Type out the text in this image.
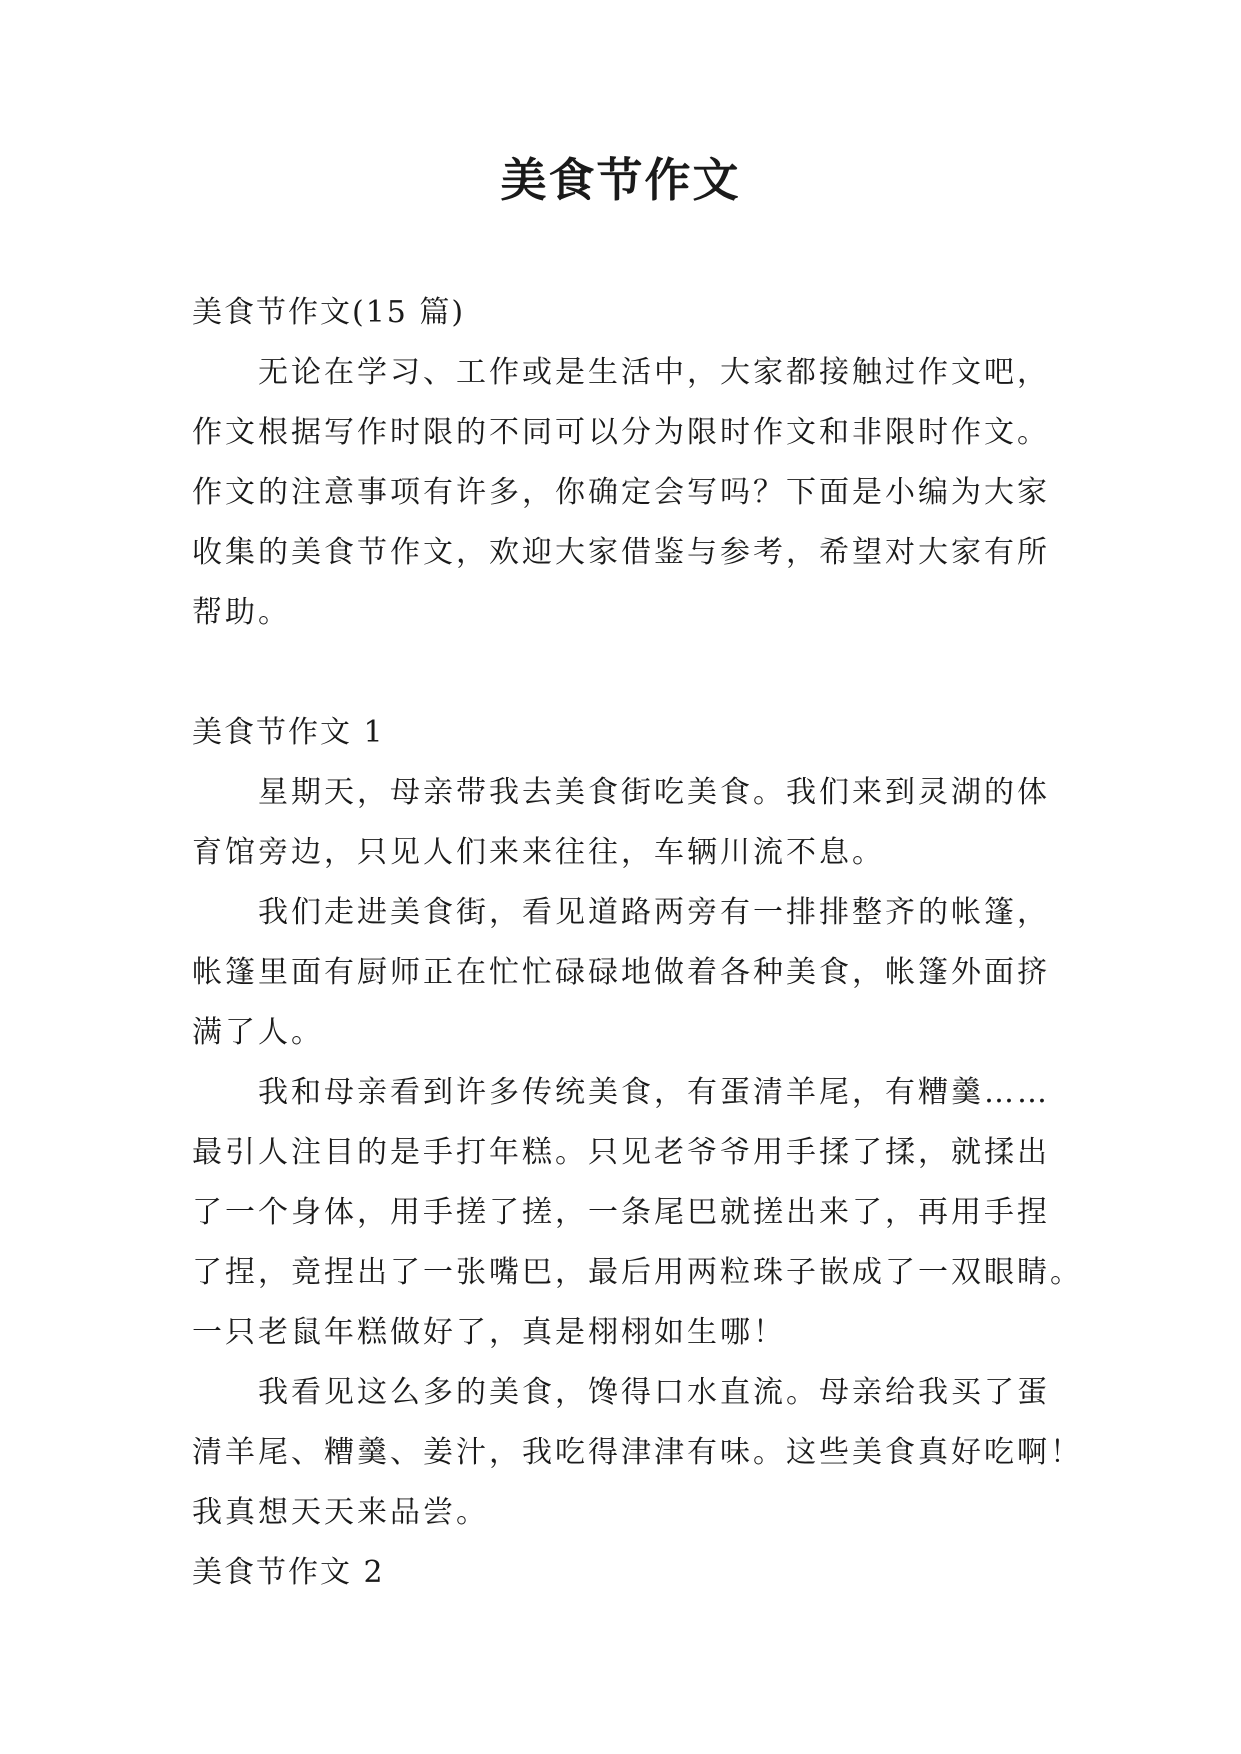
美食节作文

美食节作文(15 篇)

无论在学习、工作或是生活中，大家都接触过作文吧，

作文根据写作时限的不同可以分为限时作文和非限时作文。

作文的注意事项有许多，你确定会写吗？下面是小编为大家

收集的美食节作文，欢迎大家借鉴与参考，希望对大家有所

帮助。

美食节作文 1

星期天，母亲带我去美食街吃美食。我们来到灵湖的体

育馆旁边，只见人们来来往往，车辆川流不息。

我们走进美食街，看见道路两旁有一排排整齐的帐篷，

帐篷里面有厨师正在忙忙碌碌地做着各种美食，帐篷外面挤

满了人。

我和母亲看到许多传统美食，有蛋清羊尾，有糟羹……

最引人注目的是手打年糕。只见老爷爷用手揉了揉，就揉出

了一个身体，用手搓了搓，一条尾巴就搓出来了，再用手捏

了捏，竟捏出了一张嘴巴，最后用两粒珠子嵌成了一双眼睛。

一只老鼠年糕做好了，真是栩栩如生哪！

我看见这么多的美食，馋得口水直流。母亲给我买了蛋

清羊尾、糟羹、姜汁，我吃得津津有味。这些美食真好吃啊！

我真想天天来品尝。

美食节作文 2
